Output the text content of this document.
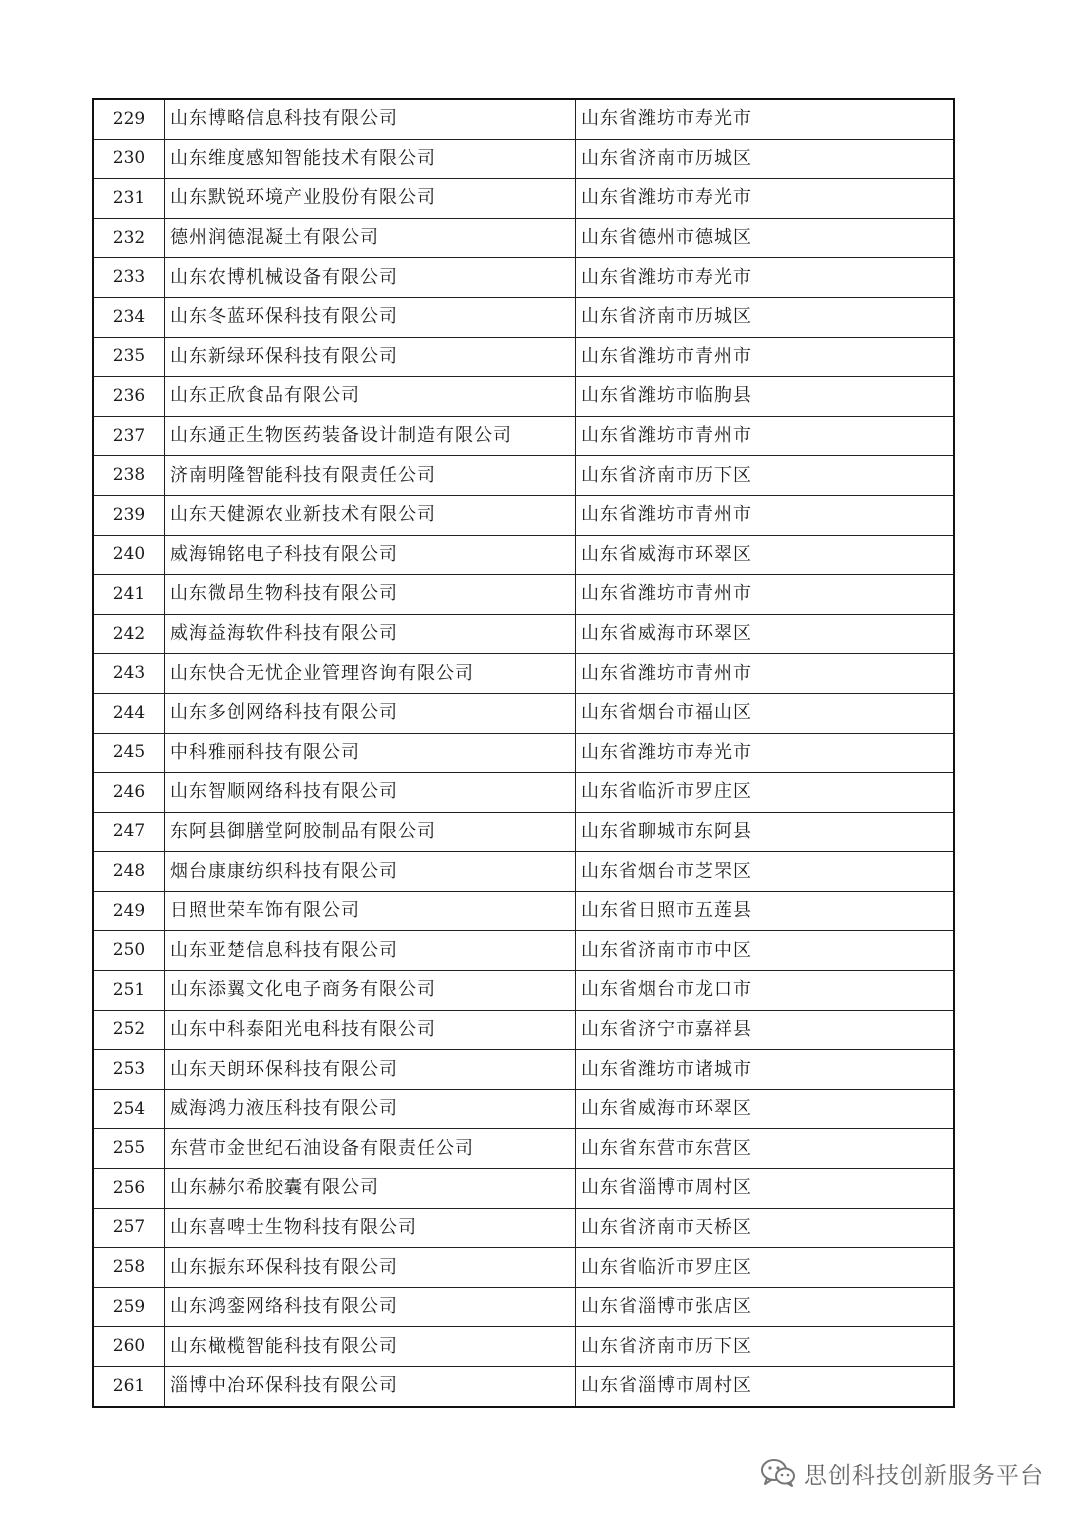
229	山东博略信息科技有限公司	山东省潍坊市寿光市
230	山东维度感知智能技术有限公司	山东省济南市历城区
231	山东默锐环境产业股份有限公司	山东省潍坊市寿光市
232	德州润德混凝土有限公司	山东省德州市德城区
233	山东农博机械设备有限公司	山东省潍坊市寿光市
234	山东冬蓝环保科技有限公司	山东省济南市历城区
235	山东新绿环保科技有限公司	山东省潍坊市青州市
236	山东正欣食品有限公司	山东省潍坊市临朐县
237	山东通正生物医药装备设计制造有限公司	山东省潍坊市青州市
238	济南明隆智能科技有限责任公司	山东省济南市历下区
239	山东天健源农业新技术有限公司	山东省潍坊市青州市
240	威海锦铭电子科技有限公司	山东省威海市环翠区
241	山东微昂生物科技有限公司	山东省潍坊市青州市
242	威海益海软件科技有限公司	山东省威海市环翠区
243	山东快合无忧企业管理咨询有限公司	山东省潍坊市青州市
244	山东多创网络科技有限公司	山东省烟台市福山区
245	中科雅丽科技有限公司	山东省潍坊市寿光市
246	山东智顺网络科技有限公司	山东省临沂市罗庄区
247	东阿县御膳堂阿胶制品有限公司	山东省聊城市东阿县
248	烟台康康纺织科技有限公司	山东省烟台市芝罘区
249	日照世荣车饰有限公司	山东省日照市五莲县
250	山东亚楚信息科技有限公司	山东省济南市市中区
251	山东添翼文化电子商务有限公司	山东省烟台市龙口市
252	山东中科泰阳光电科技有限公司	山东省济宁市嘉祥县
253	山东天朗环保科技有限公司	山东省潍坊市诸城市
254	威海鸿力液压科技有限公司	山东省威海市环翠区
255	东营市金世纪石油设备有限责任公司	山东省东营市东营区
256	山东赫尔希胶囊有限公司	山东省淄博市周村区
257	山东喜啤士生物科技有限公司	山东省济南市天桥区
258	山东振东环保科技有限公司	山东省临沂市罗庄区
259	山东鸿銮网络科技有限公司	山东省淄博市张店区
260	山东橄榄智能科技有限公司	山东省济南市历下区
261	淄博中冶环保科技有限公司	山东省淄博市周村区
思创科技创新服务平台
